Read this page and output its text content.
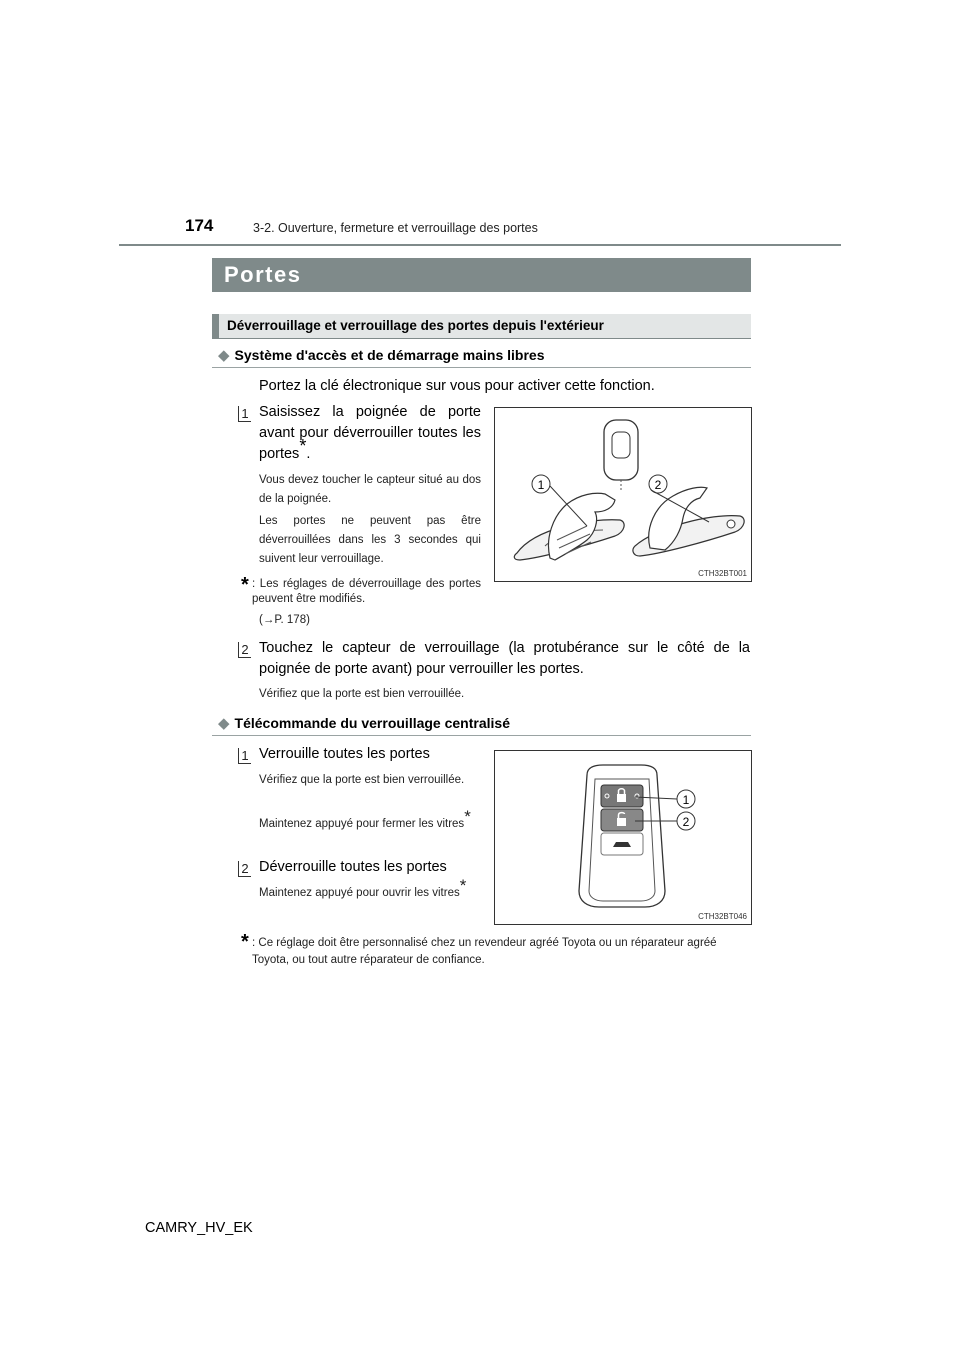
174	3-2. Ouverture, fermeture et verrouillage des portes
Portes
Déverrouillage et verrouillage des portes depuis l'extérieur
◆ Système d'accès et de démarrage mains libres
Portez la clé électronique sur vous pour activer cette fonction.
1 Saisissez la poignée de porte avant pour déverrouiller toutes les portes*.
Vous devez toucher le capteur situé au dos de la poignée.
Les portes ne peuvent pas être déverrouillées dans les 3 secondes qui suivent leur verrouillage.
* : Les réglages de déverrouillage des portes peuvent être modifiés.
(→P. 178)
1	2
CTH32BT001
2 Touchez le capteur de verrouillage (la protubérance sur le côté de la poignée de porte avant) pour verrouiller les portes.
Vérifiez que la porte est bien verrouillée.
◆ Télécommande du verrouillage centralisé
1 Verrouille toutes les portes
Vérifiez que la porte est bien verrouillée.
Maintenez appuyé pour fermer les vitres*
2 Déverrouille toutes les portes
Maintenez appuyé pour ouvrir les vitres*
1
2
CTH32BT046
* : Ce réglage doit être personnalisé chez un revendeur agréé Toyota ou un réparateur agréé Toyota, ou tout autre réparateur de confiance.
CAMRY_HV_EK
